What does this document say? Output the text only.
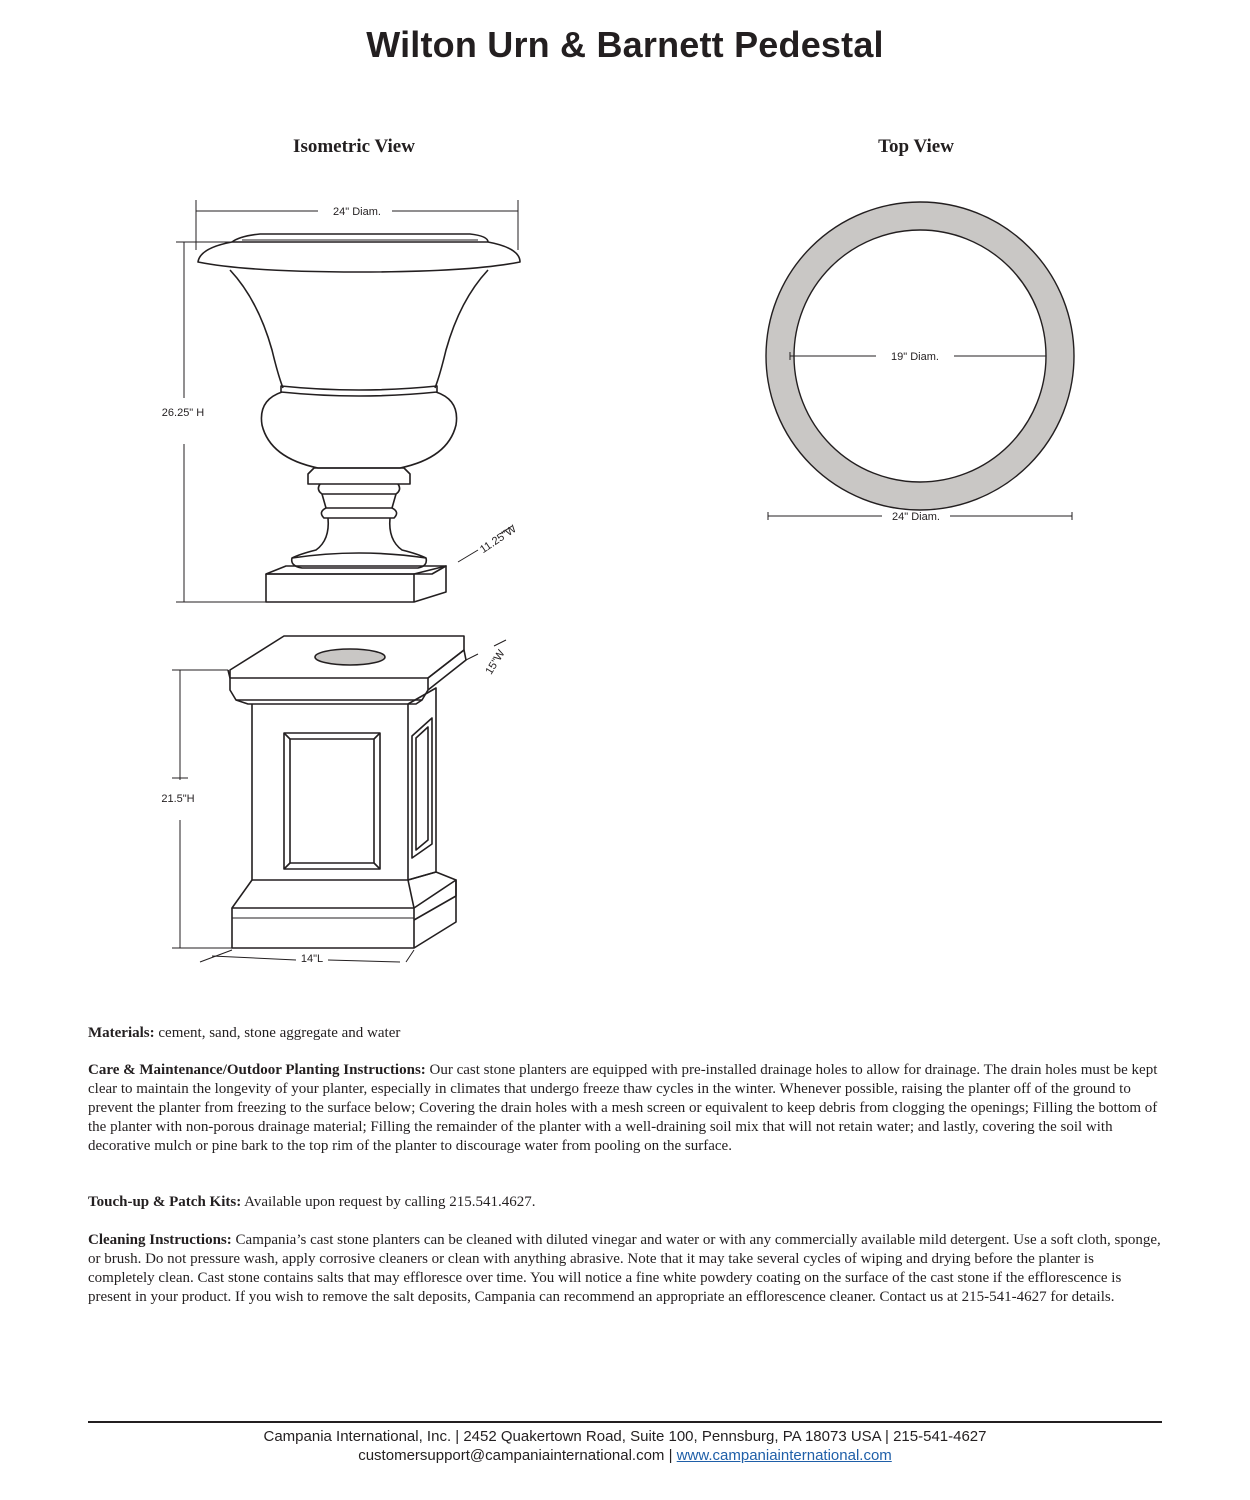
Wilton Urn & Barnett Pedestal
Isometric View	Top View
24" Diam.
26.25" H
11.25"W
15"W
21.5"H
14"L
19" Diam.
24" Diam.

Materials: cement, sand, stone aggregate and water

Care & Maintenance/Outdoor Planting Instructions: Our cast stone planters are equipped with pre-installed drainage holes to allow for drainage. The drain holes must be kept clear to maintain the longevity of your planter, especially in climates that undergo freeze thaw cycles in the winter. Whenever possible, raising the planter off of the ground to prevent the planter from freezing to the surface below; Covering the drain holes with a mesh screen or equivalent to keep debris from clogging the openings; Filling the bottom of the planter with non-porous drainage material; Filling the remainder of the planter with a well-draining soil mix that will not retain water; and lastly, covering the soil with decorative mulch or pine bark to the top rim of the planter to discourage water from pooling on the surface.

Touch-up & Patch Kits: Available upon request by calling 215.541.4627.

Cleaning Instructions: Campania’s cast stone planters can be cleaned with diluted vinegar and water or with any commercially available mild detergent. Use a soft cloth, sponge, or brush. Do not pressure wash, apply corrosive cleaners or clean with anything abrasive. Note that it may take several cycles of wiping and drying before the planter is completely clean. Cast stone contains salts that may effloresce over time. You will notice a fine white powdery coating on the surface of the cast stone if the efflorescence is present in your product. If you wish to remove the salt deposits, Campania can recommend an appropriate an efflorescence cleaner. Contact us at 215-541-4627 for details.

Campania International, Inc. | 2452 Quakertown Road, Suite 100, Pennsburg, PA 18073 USA | 215-541-4627
customersupport@campaniainternational.com | www.campaniainternational.com
